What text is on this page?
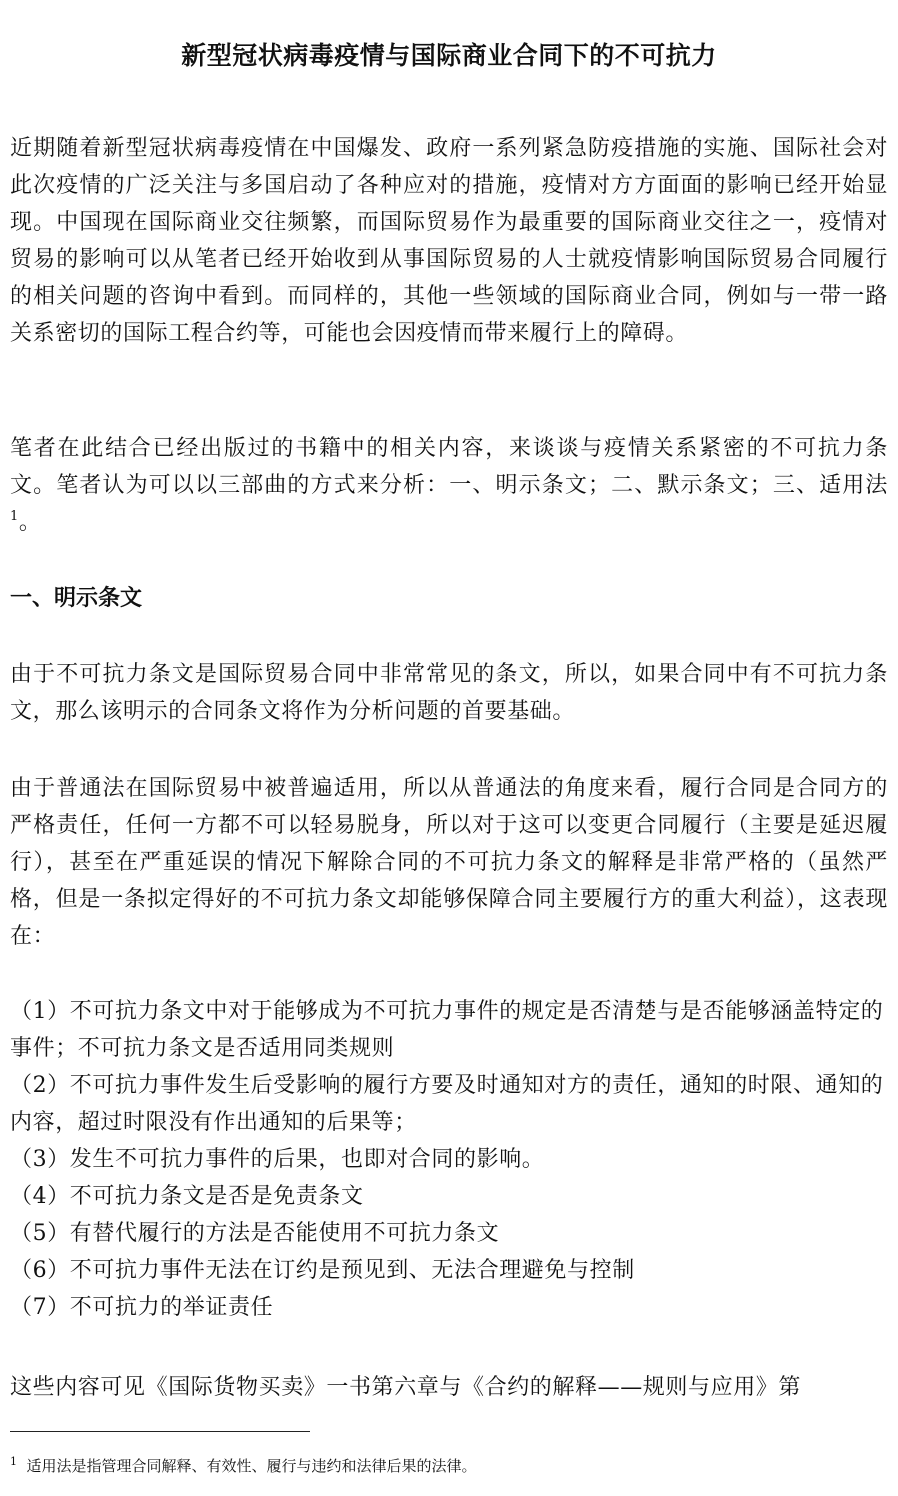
新型冠状病毒疫情与国际商业合同下的不可抗力

近期随着新型冠状病毒疫情在中国爆发、政府一系列紧急防疫措施的实施、国际社会对此次疫情的广泛关注与多国启动了各种应对的措施，疫情对方方面面的影响已经开始显现。中国现在国际商业交往频繁，而国际贸易作为最重要的国际商业交往之一，疫情对贸易的影响可以从笔者已经开始收到从事国际贸易的人士就疫情影响国际贸易合同履行的相关问题的咨询中看到。而同样的，其他一些领域的国际商业合同，例如与一带一路关系密切的国际工程合约等，可能也会因疫情而带来履行上的障碍。

笔者在此结合已经出版过的书籍中的相关内容，来谈谈与疫情关系紧密的不可抗力条文。笔者认为可以以三部曲的方式来分析：一、明示条文；二、默示条文；三、适用法$^1$。

一、明示条文

由于不可抗力条文是国际贸易合同中非常常见的条文，所以，如果合同中有不可抗力条文，那么该明示的合同条文将作为分析问题的首要基础。

由于普通法在国际贸易中被普遍适用，所以从普通法的角度来看，履行合同是合同方的严格责任，任何一方都不可以轻易脱身，所以对于这可以变更合同履行（主要是延迟履行），甚至在严重延误的情况下解除合同的不可抗力条文的解释是非常严格的（虽然严格，但是一条拟定得好的不可抗力条文却能够保障合同主要履行方的重大利益），这表现在：

（1）不可抗力条文中对于能够成为不可抗力事件的规定是否清楚与是否能够涵盖特定的事件；不可抗力条文是否适用同类规则
（2）不可抗力事件发生后受影响的履行方要及时通知对方的责任，通知的时限、通知的内容，超过时限没有作出通知的后果等；
（3）发生不可抗力事件的后果，也即对合同的影响。
（4）不可抗力条文是否是免责条文
（5）有替代履行的方法是否能使用不可抗力条文
（6）不可抗力事件无法在订约是预见到、无法合理避免与控制
（7）不可抗力的举证责任

这些内容可见《国际货物买卖》一书第六章与《合约的解释——规则与应用》第

$^1$ 适用法是指管理合同解释、有效性、履行与违约和法律后果的法律。
